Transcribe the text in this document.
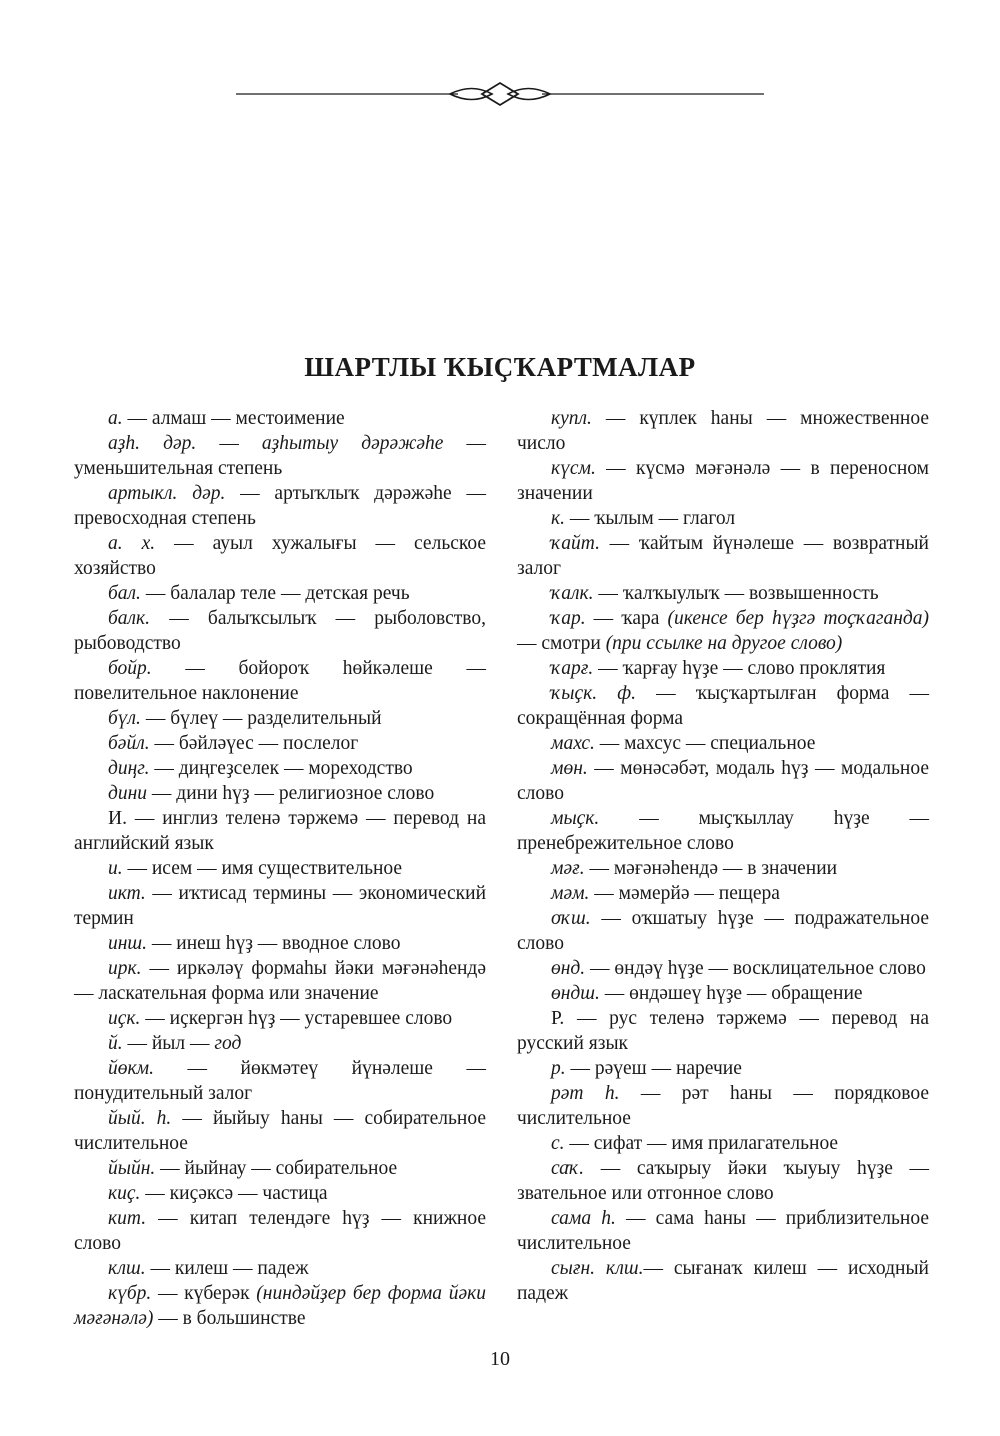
ШАРТЛЫ ҠЫҪҠАРТМАЛАР

а. — алмаш — местоимение

аҙh. дәр. — аҙhытыу дәрәжәhе — уменьшительная степень

артыкл. дәр. — артыҡлыҡ дәрәжәhе — превосходная степень

а. х. — ауыл хужалығы — сельское хозяйство

бал. — балалар теле — детская речь

балк. — балыҡсылыҡ — рыболовство, рыбоводство

бойр. — бойороҡ hөйкәлеше — повелительное наклонение

бүл. — бүлеү — разделительный

бәйл. — бәйләүес — послелог

диңг. — диңгеҙселек — мореходство

дини — дини hүҙ — религиозное слово

И. — инглиз теленә тәржемә — перевод на английский язык

и. — исем — имя существительное

икт. — иҡтисад термины — экономический термин

инш. — инеш hүҙ — вводное слово

ирк. — иркәләү формаhы йәки мәғәнәhендә — ласкательная форма или значение

иҫк. — иҫкергән hүҙ — устаревшее слово

й. — йыл — год

йөкм. — йөкмәтеү йүнәлеше — понудительный залог

йый. h. — йыйыу hаны — собирательное числительное

йыйн. — йыйнау — собирательное

киҫ. — киҫәксә — частица

кит. — китап телендәге hүҙ — книжное слово

клш. — килеш — падеж

күбр. — күберәк (ниндәйҙер бер форма йәки мәғәнәлә) — в большинстве

купл. — күплек hаны — множественное число

күсм. — күсмә мәғәнәлә — в переносном значении

к. — ҡылым — глагол

ҡайт. — ҡайтым йүнәлеше — возвратный залог

ҡалк. — ҡалҡыулыҡ — возвышенность

ҡар. — ҡара (икенсе бер hүҙгә тоҫҡаганда) — смотри (при ссылке на другое слово)

ҡарғ. — ҡарғау hүҙе — слово проклятия

ҡыҫк. ф. — ҡыҫҡартылған форма — сокращённая форма

махс. — махсус — специальное

мөн. — мөнәсәбәт, модаль hүҙ — модальное слово

мыҫк. — мыҫҡыллау hүҙе — пренебрежительное слово

мәғ. — мәғәнәhендә — в значении

мәм. — мәмерйә — пещера

оҡш. — оҡшатыу hүҙе — подражательное слово

өнд. — өндәү hүҙе — восклицательное слово

өндш. — өндәшеү hүҙе — обращение

Р. — рус теленә тәржемә — перевод на русский язык

р. — рәүеш — наречие

рәт h. — рәт hаны — порядковое числительное

с. — сифат — имя прилагательное

саҡ. — саҡырыу йәки ҡыуыу hүҙе — звательное или отгонное слово

сама h. — сама hаны — приблизительное числительное

сығн. клш.— сығанаҡ килеш — исходный падеж

10
